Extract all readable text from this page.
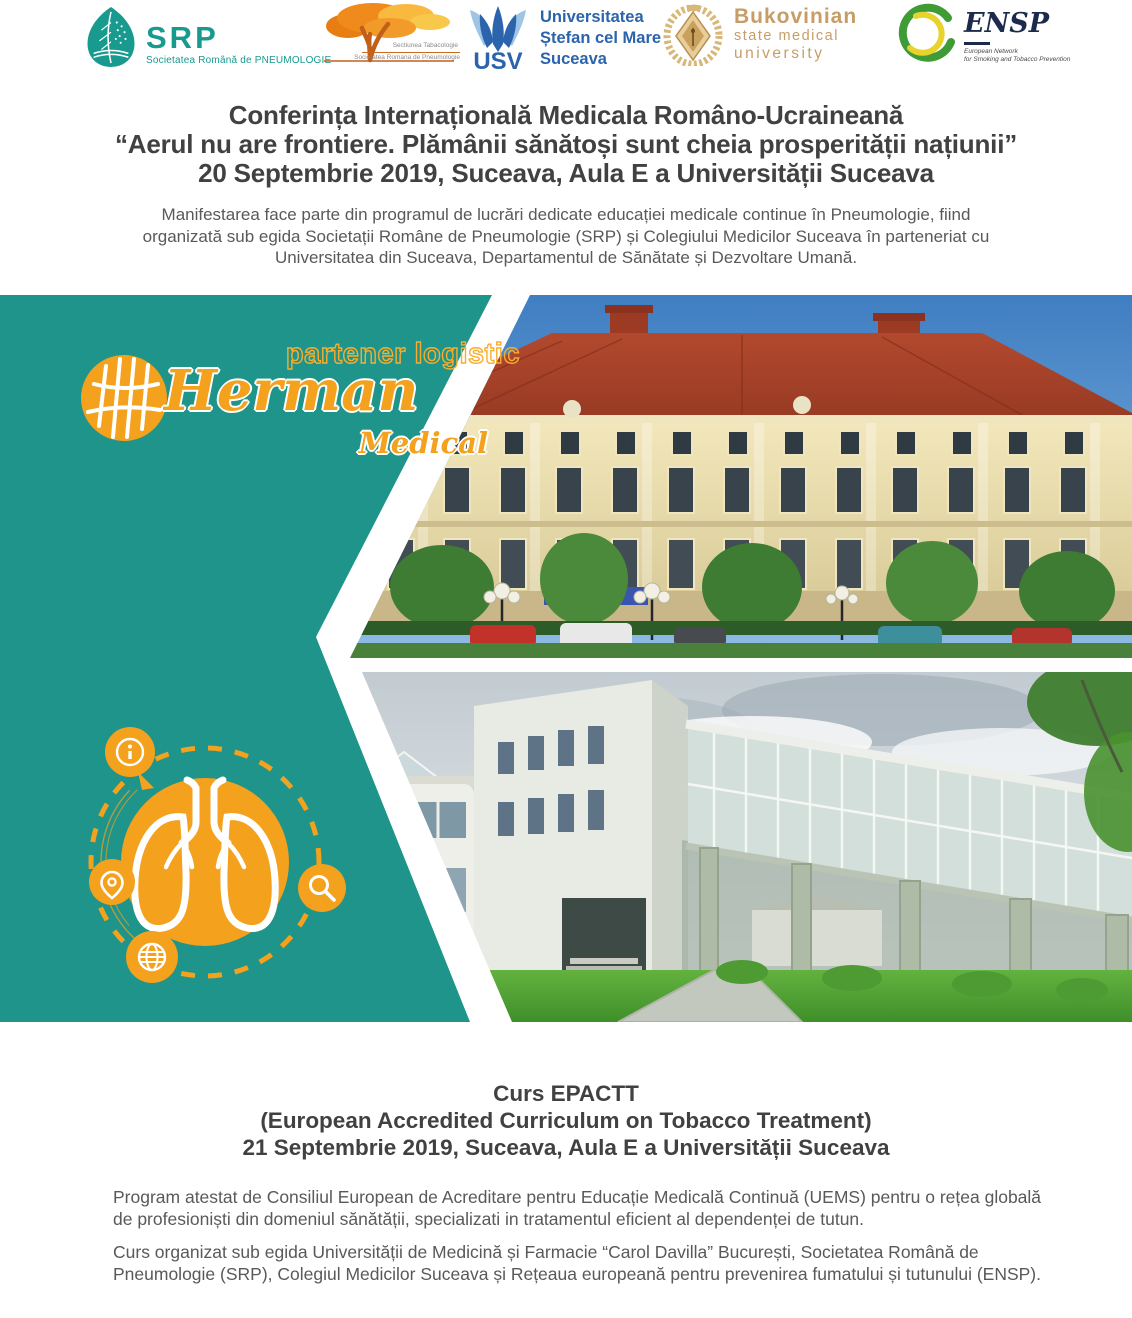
SRP
Societatea Română de PNEUMOLOGIE
Sectiunea Tabacologie
Societatea Romana de Pneumologie USV
Universitatea
Ștefan cel Mare
Suceava
Bukovinian
state medical
university
ENSP
European Network
for Smoking and Tobacco Prevention
Conferința Internațională Medicala Româno-Ucraineană
“Aerul nu are frontiere. Plămânii sănătoși sunt cheia prosperității națiunii”
20 Septembrie 2019, Suceava, Aula E a Universității Suceava
Manifestarea face parte din programul de lucrări dedicate educației medicale continue în Pneumologie, fiind
organizată sub egida Societații Române de Pneumologie (SRP) și Colegiului Medicilor Suceava în parteneriat cu
Universitatea din Suceava, Departamentul de Sănătate și Dezvoltare Umană.
partener logistic
Herman
Medical
Curs EPACTT
(European Accredited Curriculum on Tobacco Treatment)
21 Septembrie 2019, Suceava, Aula E a Universității Suceava
Program atestat de Consiliul European de Acreditare pentru Educație Medicală Continuă (UEMS) pentru o rețea globală de profesioniști din domeniul sănătății, specializati in tratamentul eficient al dependenței de tutun.
Curs organizat sub egida Universității de Medicină și Farmacie “Carol Davilla” București, Societatea Română de Pneumologie (SRP), Colegiul Medicilor Suceava și Rețeaua europeană pentru prevenirea fumatului și tutunului (ENSP).
